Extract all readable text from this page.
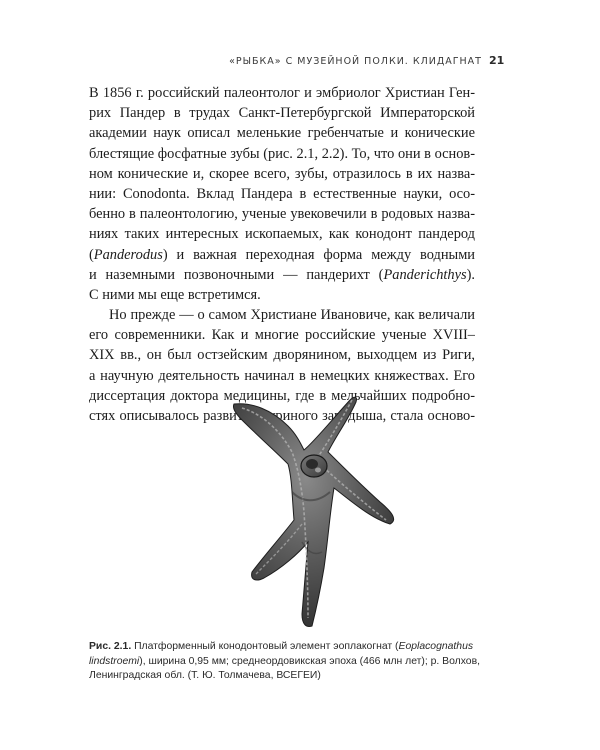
«РЫБКА» С МУЗЕЙНОЙ ПОЛКИ. КЛИДАГНАТ 21
В 1856 г. российский палеонтолог и эмбриолог Христиан Ген-
рих Пандер в трудах Санкт-Петербургской Императорской
академии наук описал меленькие гребенчатые и конические
блестящие фосфатные зубы (рис. 2.1, 2.2). То, что они в основ-
ном конические и, скорее всего, зубы, отразилось в их назва-
нии: Conodonta. Вклад Пандера в естественные науки, осо-
бенно в палеонтологию, ученые увековечили в родовых назва-
ниях таких интересных ископаемых, как конодонт пандерод
(Panderodus) и важная переходная форма между водными
и наземными позвоночными — пандерихт (Panderichthys).
С ними мы еще встретимся.
Но прежде — о самом Христиане Ивановиче, как величали
его современники. Как и многие российские ученые XVIII–
XIX вв., он был остзейским дворянином, выходцем из Риги,
а научную деятельность начинал в немецких княжествах. Его
диссертация доктора медицины, где в мельчайших подробно-
стях описывалось развитие куриного зародыша, стала осново-
Рис. 2.1. Платформенный конодонтовый элемент эоплакогнат (Eoplacognathus
lindstroemi), ширина 0,95 мм; среднеордовикская эпоха (466 млн лет); р. Волхов,
Ленинградская обл. (Т. Ю. Толмачева, ВСЕГЕИ)
